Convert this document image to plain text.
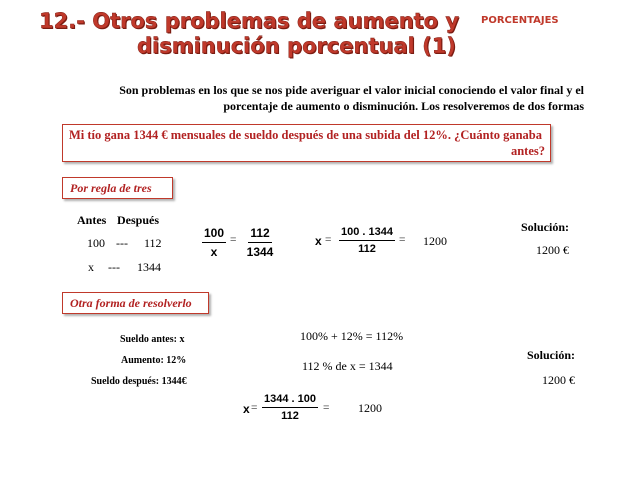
12.- Otros problemas de aumento y
disminución porcentual (1)
PORCENTAJES
Son problemas en los que se nos pide averiguar el valor inicial conociendo el valor final y el
porcentaje de aumento o disminución. Los resolveremos de dos formas
Mi tío gana 1344 € mensuales de sueldo después de una subida del 12%. ¿Cuánto ganaba
antes?
Por regla de tres
Antes Después
100 --- 112
x --- 1344
$\frac{100}{x} = \frac{112}{1344}$	$x = \frac{100 . 1344}{112} = 1200$
Solución:
1200 €
Otra forma de resolverlo
Sueldo antes: x
Aumento: 12%
Sueldo después: 1344€
100% + 12% = 112%
112 % de x = 1344
$x = \frac{1344 . 100}{112} = 1200$
Solución:
1200 €
